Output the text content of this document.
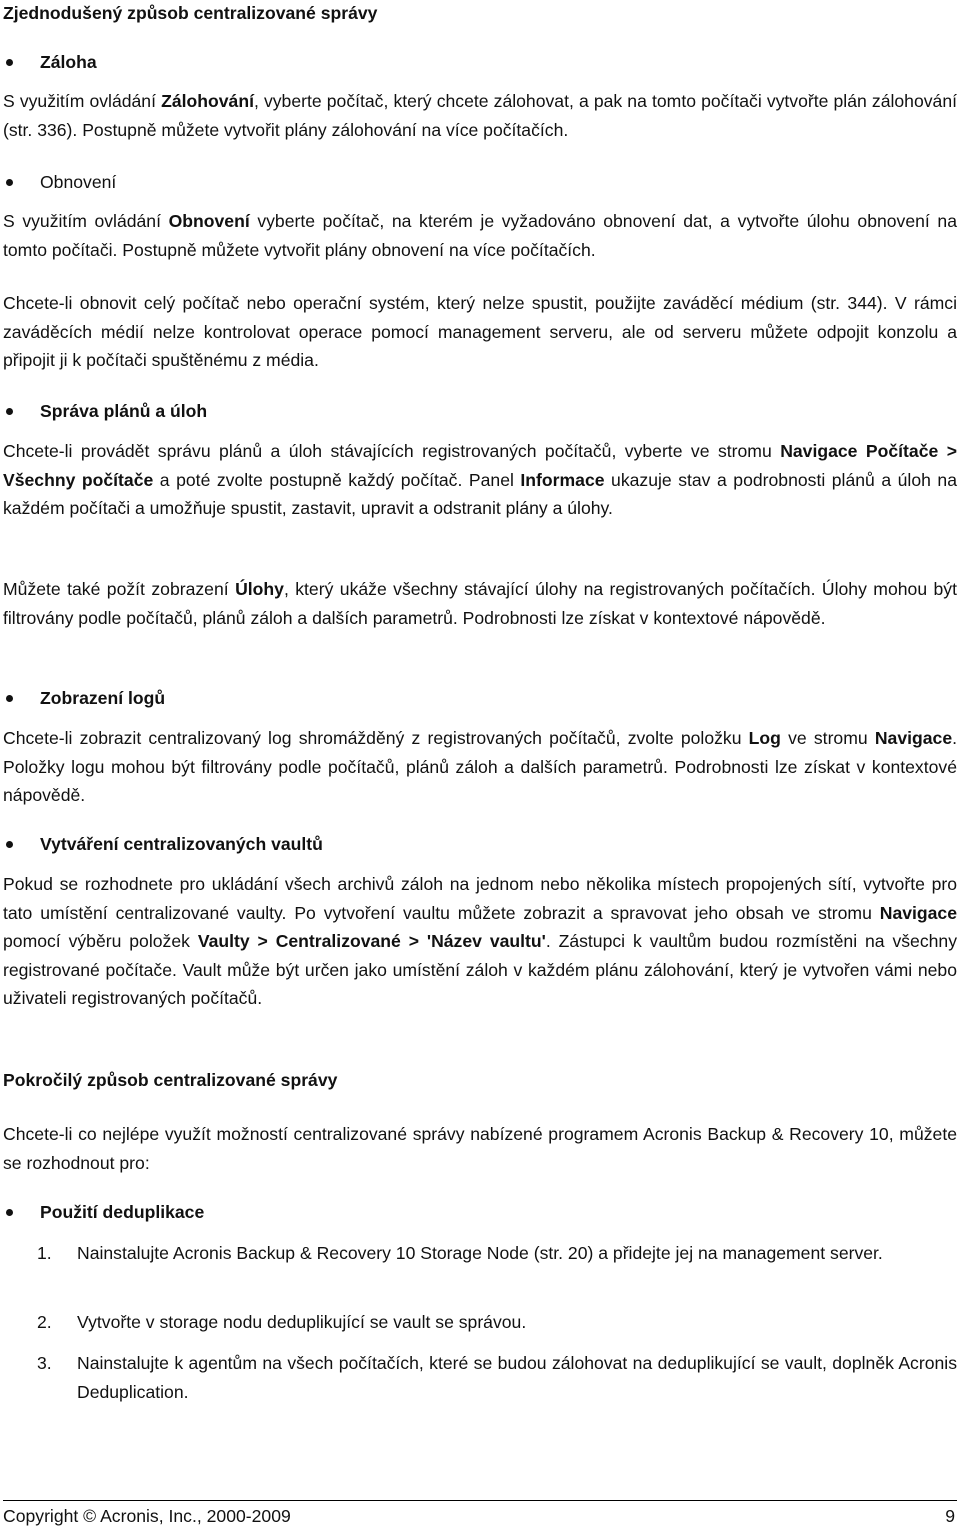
Zjednodušený způsob centralizované správy
Záloha

S využitím ovládání Zálohování, vyberte počítač, který chcete zálohovat, a pak na tomto počítači vytvořte plán zálohování (str. 336). Postupně můžete vytvořit plány zálohování na více počítačích.

Obnovení

S využitím ovládání Obnovení vyberte počítač, na kterém je vyžadováno obnovení dat, a vytvořte úlohu obnovení na tomto počítači. Postupně můžete vytvořit plány obnovení na více počítačích.

Chcete-li obnovit celý počítač nebo operační systém, který nelze spustit, použijte zaváděcí médium (str. 344). V rámci zaváděcích médií nelze kontrolovat operace pomocí management serveru, ale od serveru můžete odpojit konzolu a připojit ji k počítači spuštěnému z média.

Správa plánů a úloh

Chcete-li provádět správu plánů a úloh stávajících registrovaných počítačů, vyberte ve stromu Navigace Počítače > Všechny počítače a poté zvolte postupně každý počítač. Panel Informace ukazuje stav a podrobnosti plánů a úloh na každém počítači a umožňuje spustit, zastavit, upravit a odstranit plány a úlohy.

Můžete také požít zobrazení Úlohy, který ukáže všechny stávající úlohy na registrovaných počítačích. Úlohy mohou být filtrovány podle počítačů, plánů záloh a dalších parametrů. Podrobnosti lze získat v kontextové nápovědě.

Zobrazení logů

Chcete-li zobrazit centralizovaný log shromážděný z registrovaných počítačů, zvolte položku Log ve stromu Navigace. Položky logu mohou být filtrovány podle počítačů, plánů záloh a dalších parametrů. Podrobnosti lze získat v kontextové nápovědě.

Vytváření centralizovaných vaultů

Pokud se rozhodnete pro ukládání všech archivů záloh na jednom nebo několika místech propojených sítí, vytvořte pro tato umístění centralizované vaulty. Po vytvoření vaultu můžete zobrazit a spravovat jeho obsah ve stromu Navigace pomocí výběru položek Vaulty > Centralizované > 'Název vaultu'. Zástupci k vaultům budou rozmístěni na všechny registrované počítače. Vault může být určen jako umístění záloh v každém plánu zálohování, který je vytvořen vámi nebo uživateli registrovaných počítačů.

Pokročilý způsob centralizované správy

Chcete-li co nejlépe využít možností centralizované správy nabízené programem Acronis Backup & Recovery 10, můžete se rozhodnout pro:

Použití deduplikace
1. Nainstalujte Acronis Backup & Recovery 10 Storage Node (str. 20) a přidejte jej na management server.
2. Vytvořte v storage nodu deduplikující se vault se správou.
3. Nainstalujte k agentům na všech počítačích, které se budou zálohovat na deduplikující se vault, doplněk Acronis Deduplication.
Copyright © Acronis, Inc., 2000-2009	9
